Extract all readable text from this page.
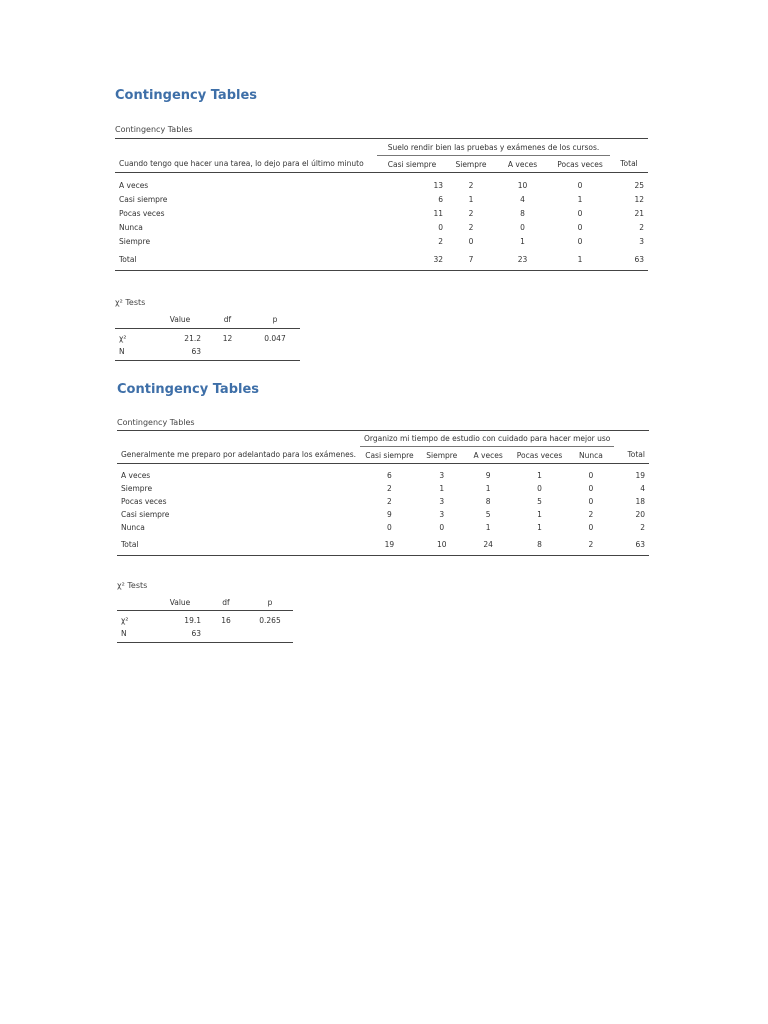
Contingency Tables

Contingency Tables

	Suelo rendir bien las pruebas y exámenes de los cursos.				
Cuando tengo que hacer una tarea, lo dejo para el último minuto	Casi siempre	Siempre	A veces	Pocas veces	Total

A veces	13	2	10	0	25
Casi siempre	6	1	4	1	12
Pocas veces	11	2	8	0	21
Nunca	0	2	0	0	2
Siempre	2	0	1	0	3
Total	32	7	23	1	63

χ² Tests

	Value	df	p

χ²	21.2	12	0.047
N	63		
Contingency Tables

Contingency Tables

	Organizo mi tiempo de estudio con cuidado para hacer mejor uso					
Generalmente me preparo por adelantado para los exámenes.	Casi siempre	Siempre	A veces	Pocas veces	Nunca	Total

A veces	6	3	9	1	0	19
Siempre	2	1	1	0	0	4
Pocas veces	2	3	8	5	0	18
Casi siempre	9	3	5	1	2	20
Nunca	0	0	1	1	0	2
Total	19	10	24	8	2	63

χ² Tests

	Value	df	p

χ²	19.1	16	0.265
N	63		
